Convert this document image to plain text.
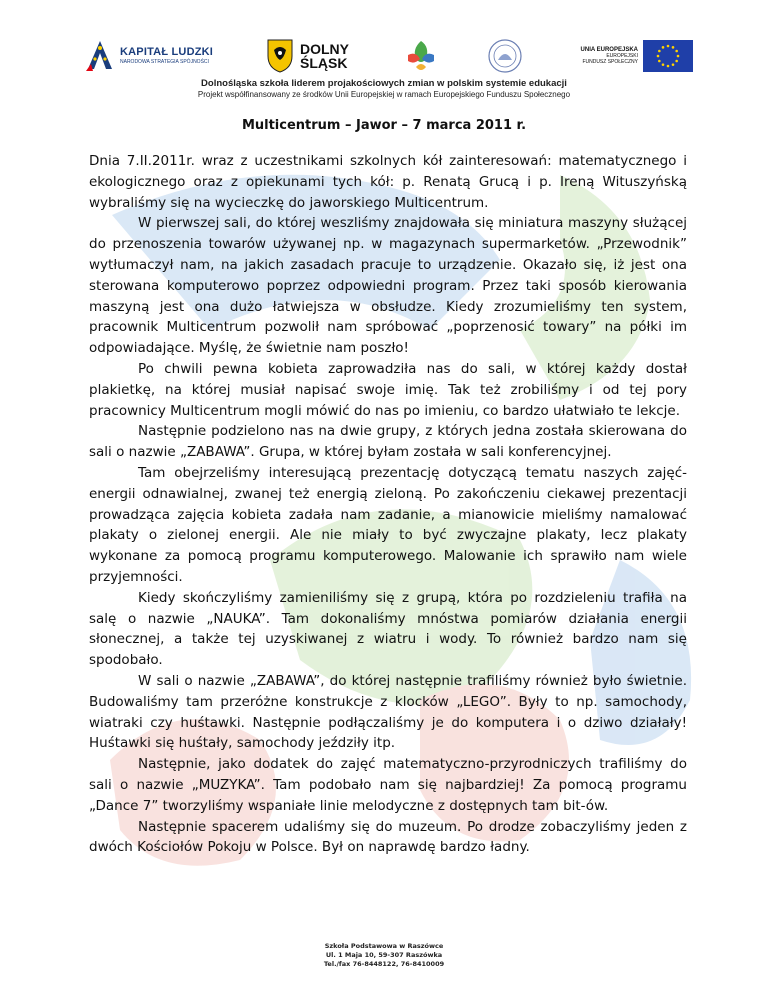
KAPITAŁ LUDZKI
NARODOWA STRATEGIA SPÓJNOŚCI
DOLNY
ŚLĄSK
UNIA EUROPEJSKA
EUROPEJSKI
FUNDUSZ SPOŁECZNY
Dolnośląska szkoła liderem projakościowych zmian w polskim systemie edukacji
Projekt współfinansowany ze środków Unii Europejskiej w ramach Europejskiego Funduszu Społecznego
Multicentrum – Jawor – 7 marca 2011 r.

Dnia 7.II.2011r. wraz z uczestnikami szkolnych kół zainteresowań: matematycznego i ekologicznego oraz z opiekunami tych kół: p. Renatą Grucą i p. Ireną Wituszyńską wybraliśmy się na wycieczkę do jaworskiego Multicentrum.

W pierwszej sali, do której weszliśmy znajdowała się miniatura maszyny służącej do przenoszenia towarów używanej np. w magazynach supermarketów. „Przewodnik” wytłumaczył nam, na jakich zasadach pracuje to urządzenie. Okazało się, iż jest ona sterowana komputerowo poprzez odpowiedni program. Przez taki sposób kierowania maszyną jest ona dużo łatwiejsza w obsłudze. Kiedy zrozumieliśmy ten system, pracownik Multicentrum pozwolił nam spróbować „poprzenosić towary” na półki im odpowiadające. Myślę, że świetnie nam poszło!

Po chwili pewna kobieta zaprowadziła nas do sali, w której każdy dostał plakietkę, na której musiał napisać swoje imię. Tak też zrobiliśmy i od tej pory pracownicy Multicentrum mogli mówić do nas po imieniu, co bardzo ułatwiało te lekcje.

Następnie podzielono nas na dwie grupy, z których jedna została skierowana do sali o nazwie „ZABAWA”. Grupa, w której byłam została w sali konferencyjnej.

Tam obejrzeliśmy interesującą prezentację dotyczącą tematu naszych zajęć- energii odnawialnej, zwanej też energią zieloną. Po zakończeniu ciekawej prezentacji prowadząca zajęcia kobieta zadała nam zadanie, a mianowicie mieliśmy namalować plakaty o zielonej energii. Ale nie miały to być zwyczajne plakaty, lecz plakaty wykonane za pomocą programu komputerowego. Malowanie ich sprawiło nam wiele przyjemności.

Kiedy skończyliśmy zamieniliśmy się z grupą, która po rozdzieleniu trafiła na salę o nazwie „NAUKA”. Tam dokonaliśmy mnóstwa pomiarów działania energii słonecznej, a także tej uzyskiwanej z wiatru i wody. To również bardzo nam się spodobało.

W sali o nazwie „ZABAWA”, do której następnie trafiliśmy również było świetnie. Budowaliśmy tam przeróżne konstrukcje z klocków „LEGO”. Były to np. samochody, wiatraki czy huśtawki. Następnie podłączaliśmy je do komputera i o dziwo działały! Huśtawki się huśtały, samochody jeździły itp.

Następnie, jako dodatek do zajęć matematyczno-przyrodniczych trafiliśmy do sali o nazwie „MUZYKA”. Tam podobało nam się najbardziej! Za pomocą programu „Dance 7” tworzyliśmy wspaniałe linie melodyczne z dostępnych tam bit-ów.

Następnie spacerem udaliśmy się do muzeum. Po drodze zobaczyliśmy jeden z dwóch Kościołów Pokoju w Polsce. Był on naprawdę bardzo ładny.

Szkoła Podstawowa w Raszówce
Ul. 1 Maja 10, 59-307 Raszówka
Tel./fax 76-8448122, 76-8410009
